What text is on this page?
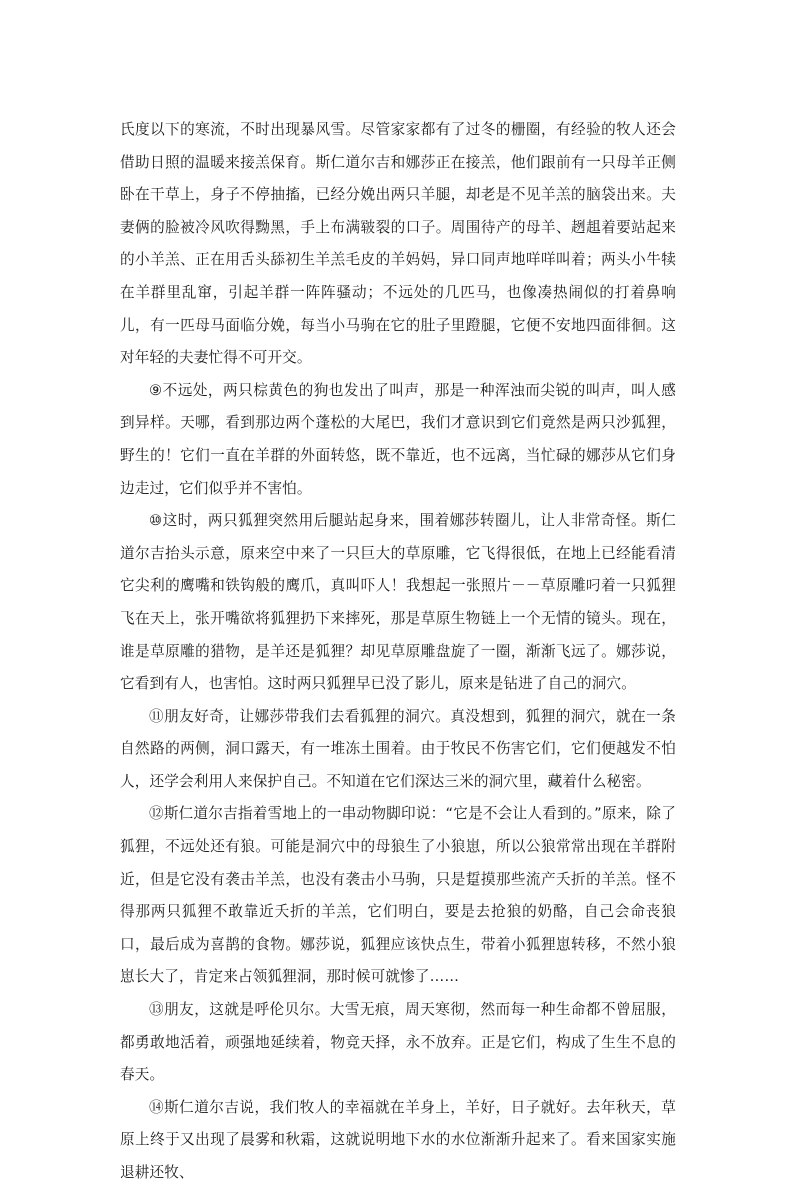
氏度以下的寒流，不时出现暴风雪。尽管家家都有了过冬的栅圈，有经验的牧人还会借助日照的温暖来接羔保育。斯仁道尔吉和娜莎正在接羔，他们跟前有一只母羊正侧卧在干草上，身子不停抽搐，已经分娩出两只羊腿，却老是不见羊羔的脑袋出来。夫妻俩的脸被冷风吹得黝黑，手上布满皲裂的口子。周围待产的母羊、趔趄着要站起来的小羊羔、正在用舌头舔初生羊羔毛皮的羊妈妈，异口同声地咩咩叫着；两头小牛犊在羊群里乱窜，引起羊群一阵阵骚动；不远处的几匹马，也像凑热闹似的打着鼻响儿，有一匹母马面临分娩，每当小马驹在它的肚子里蹬腿，它便不安地四面徘徊。这对年轻的夫妻忙得不可开交。

⑨不远处，两只棕黄色的狗也发出了叫声，那是一种浑浊而尖锐的叫声，叫人感到异样。天哪，看到那边两个蓬松的大尾巴，我们才意识到它们竟然是两只沙狐狸，野生的！它们一直在羊群的外面转悠，既不靠近，也不远离，当忙碌的娜莎从它们身边走过，它们似乎并不害怕。

⑩这时，两只狐狸突然用后腿站起身来，围着娜莎转圈儿，让人非常奇怪。斯仁道尔吉抬头示意，原来空中来了一只巨大的草原雕，它飞得很低，在地上已经能看清它尖利的鹰嘴和铁钩般的鹰爪，真叫吓人！我想起一张照片－－草原雕叼着一只狐狸飞在天上，张开嘴欲将狐狸扔下来摔死，那是草原生物链上一个无情的镜头。现在，谁是草原雕的猎物，是羊还是狐狸？却见草原雕盘旋了一圈，渐渐飞远了。娜莎说，它看到有人，也害怕。这时两只狐狸早已没了影儿，原来是钻进了自己的洞穴。

⑪朋友好奇，让娜莎带我们去看狐狸的洞穴。真没想到，狐狸的洞穴，就在一条自然路的两侧，洞口露天，有一堆冻土围着。由于牧民不伤害它们，它们便越发不怕人，还学会利用人来保护自己。不知道在它们深达三米的洞穴里，藏着什么秘密。

⑫斯仁道尔吉指着雪地上的一串动物脚印说：“它是不会让人看到的。”原来，除了狐狸，不远处还有狼。可能是洞穴中的母狼生了小狼崽，所以公狼常常出现在羊群附近，但是它没有袭击羊羔，也没有袭击小马驹，只是踅摸那些流产夭折的羊羔。怪不得那两只狐狸不敢靠近夭折的羊羔，它们明白，要是去抢狼的奶酪，自己会命丧狼口，最后成为喜鹊的食物。娜莎说，狐狸应该快点生，带着小狐狸崽转移，不然小狼崽长大了，肯定来占领狐狸洞，那时候可就惨了……

⑬朋友，这就是呼伦贝尔。大雪无痕，周天寒彻，然而每一种生命都不曾屈服，都勇敢地活着，顽强地延续着，物竞天择，永不放弃。正是它们，构成了生生不息的春天。

⑭斯仁道尔吉说，我们牧人的幸福就在羊身上，羊好，日子就好。去年秋天，草原上终于又出现了晨雾和秋霜，这就说明地下水的水位渐渐升起来了。看来国家实施退耕还牧、
